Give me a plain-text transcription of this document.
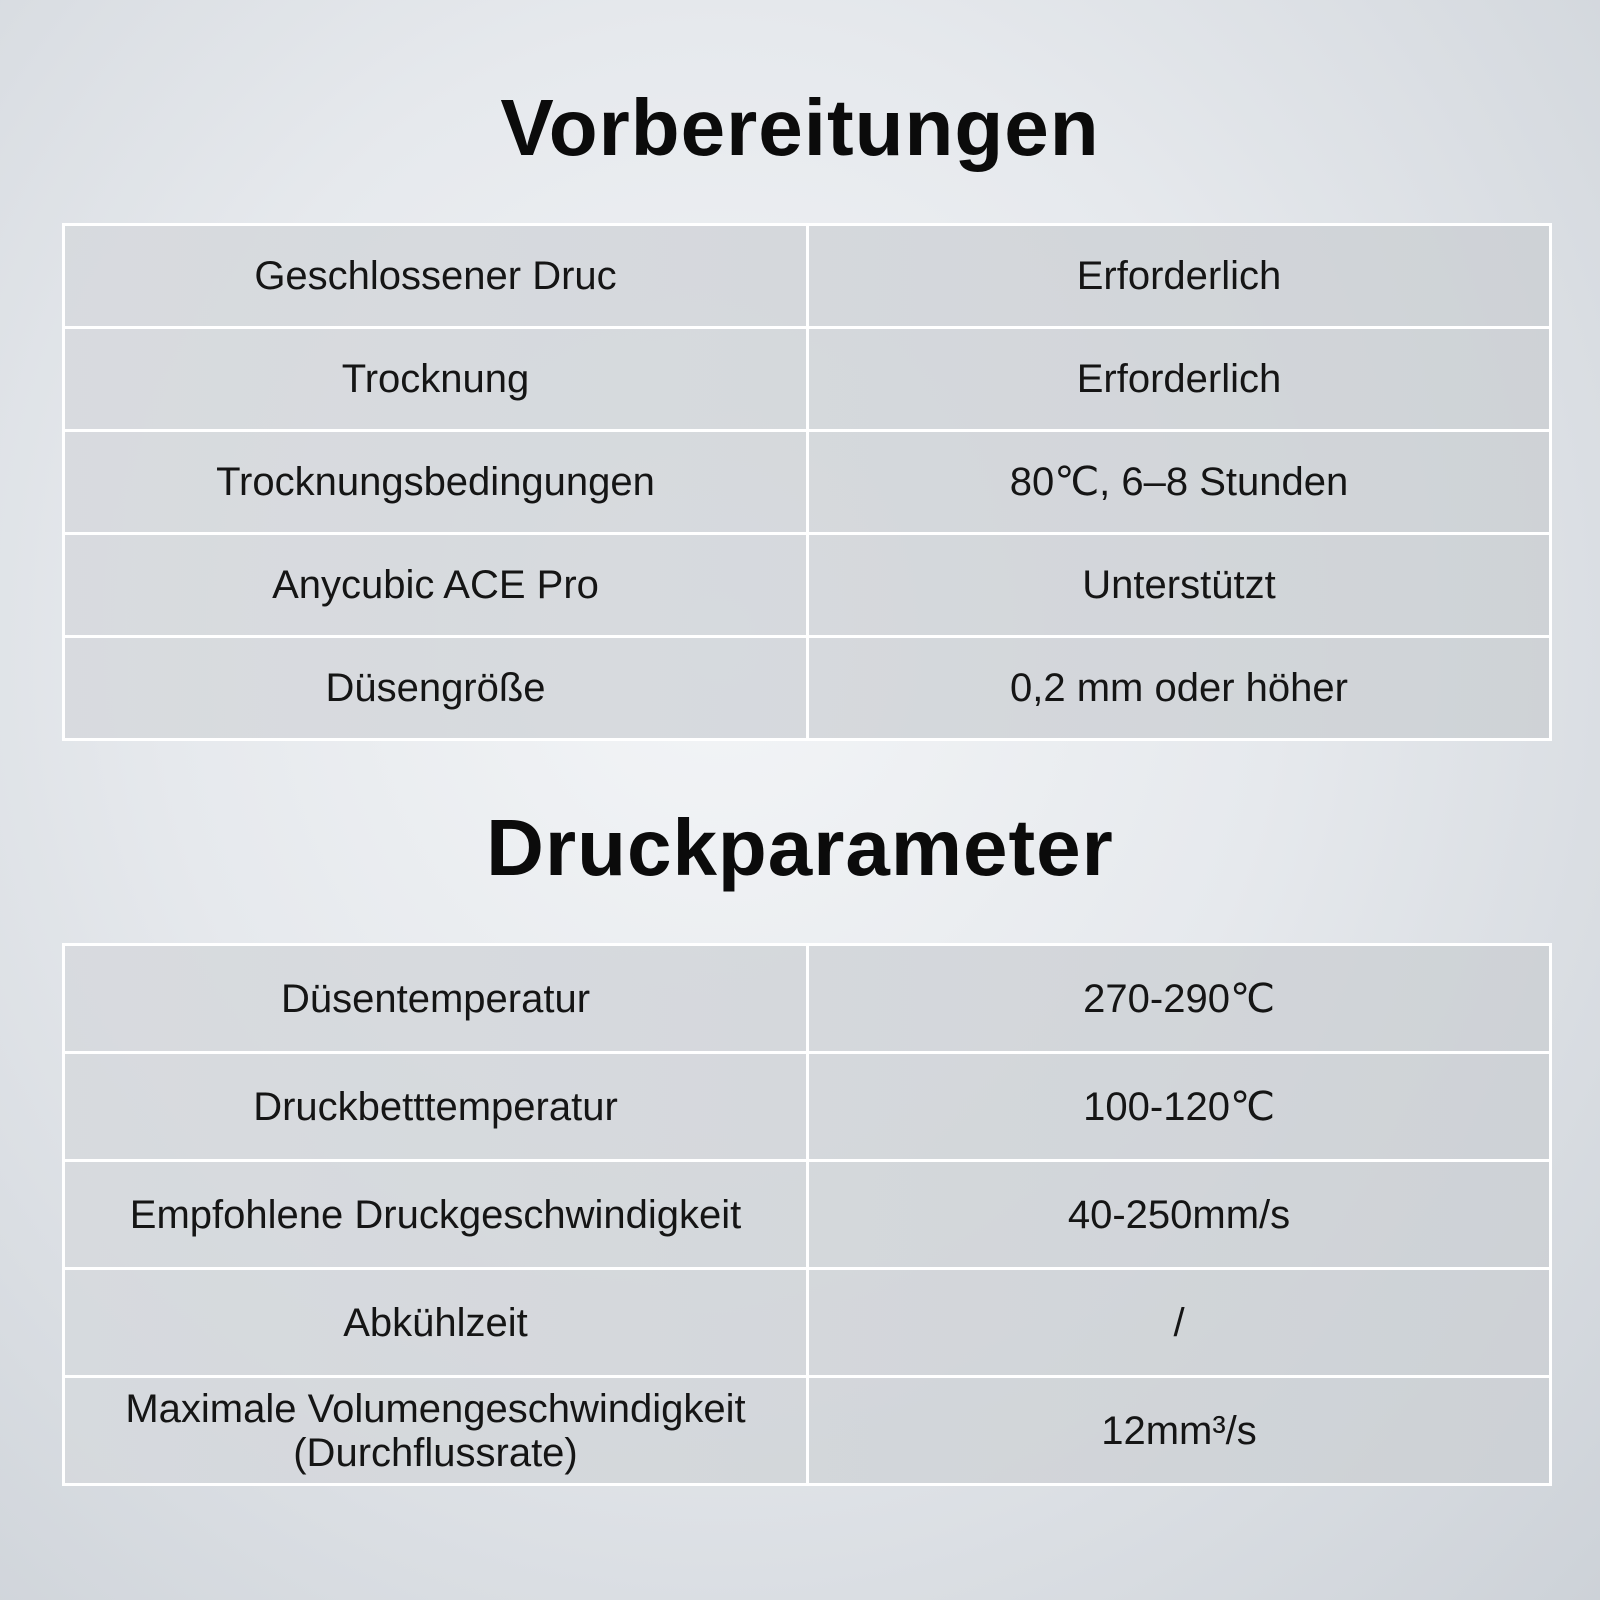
Vorbereitungen
Geschlossener Druc	Erforderlich
Trocknung	Erforderlich
Trocknungsbedingungen	80℃, 6–8 Stunden
Anycubic ACE Pro	Unterstützt
Düsengröße	0,2 mm oder höher
Druckparameter
Düsentemperatur	270-290℃
Druckbetttemperatur	100-120℃
Empfohlene Druckgeschwindigkeit	40-250mm/s
Abkühlzeit	/
Maximale Volumengeschwindigkeit (Durchflussrate)	12mm³/s
